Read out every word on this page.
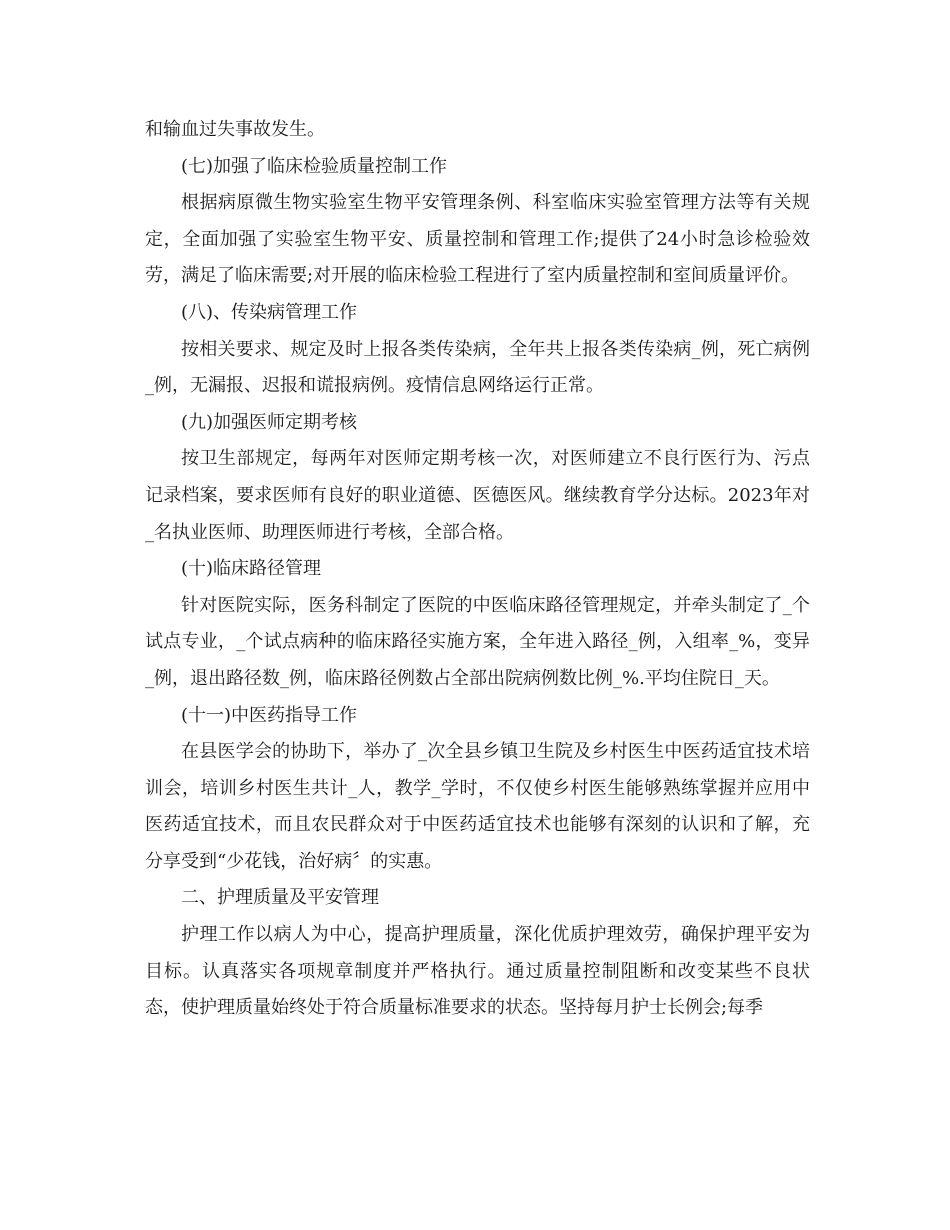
和输血过失事故发生。

(七)加强了临床检验质量控制工作

根据病原微生物实验室生物平安管理条例、科室临床实验室管理方法等有关规定，全面加强了实验室生物平安、质量控制和管理工作;提供了24小时急诊检验效劳，满足了临床需要;对开展的临床检验工程进行了室内质量控制和室间质量评价。

(八)、传染病管理工作

按相关要求、规定及时上报各类传染病，全年共上报各类传染病_例，死亡病例_例，无漏报、迟报和谎报病例。疫情信息网络运行正常。

(九)加强医师定期考核

按卫生部规定，每两年对医师定期考核一次，对医师建立不良行医行为、污点记录档案，要求医师有良好的职业道德、医德医风。继续教育学分达标。2023年对_名执业医师、助理医师进行考核，全部合格。

(十)临床路径管理

针对医院实际，医务科制定了医院的中医临床路径管理规定，并牵头制定了_个试点专业，_个试点病种的临床路径实施方案，全年进入路径_例，入组率_%，变异_例，退出路径数_例，临床路径例数占全部出院病例数比例_%.平均住院日_天。

(十一)中医药指导工作

在县医学会的协助下，举办了_次全县乡镇卫生院及乡村医生中医药适宜技术培训会，培训乡村医生共计_人，教学_学时，不仅使乡村医生能够熟练掌握并应用中医药适宜技术，而且农民群众对于中医药适宜技术也能够有深刻的认识和了解，充分享受到“少花钱，治好病〞的实惠。

二、护理质量及平安管理

护理工作以病人为中心，提高护理质量，深化优质护理效劳，确保护理平安为目标。认真落实各项规章制度并严格执行。通过质量控制阻断和改变某些不良状态，使护理质量始终处于符合质量标准要求的状态。坚持每月护士长例会;每季
